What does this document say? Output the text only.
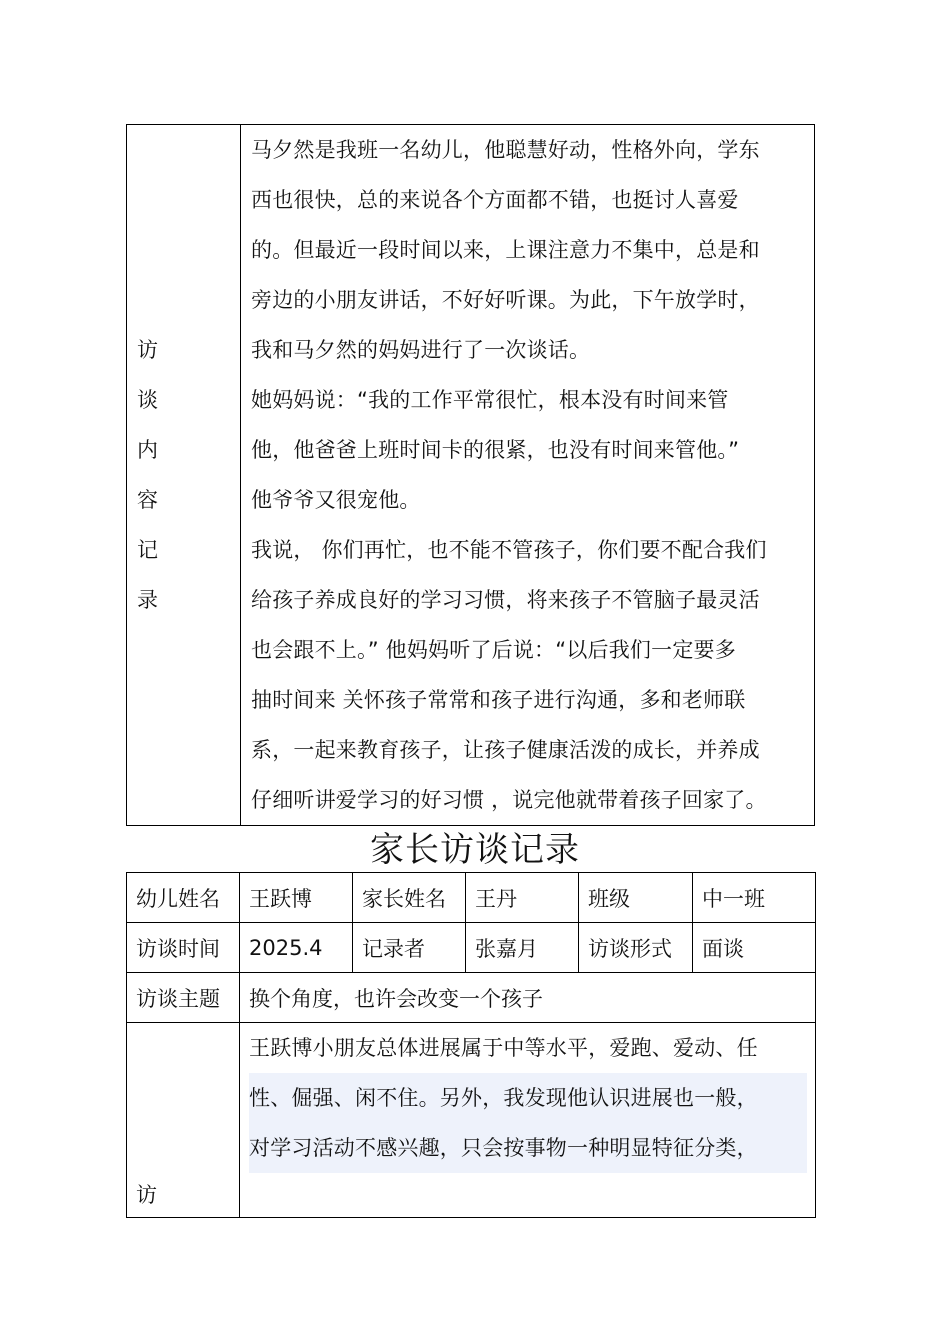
访
谈
内
容
记
录

马夕然是我班一名幼儿，他聪慧好动，性格外向，学东

西也很快，总的来说各个方面都不错，也挺讨人喜爱

的。但最近一段时间以来，上课注意力不集中，总是和

旁边的小朋友讲话，不好好听课。为此，下午放学时，

我和马夕然的妈妈进行了一次谈话。

她妈妈说：“我的工作平常很忙，根本没有时间来管

他，他爸爸上班时间卡的很紧，也没有时间来管他。”

他爷爷又很宠他。

我说， 你们再忙，也不能不管孩子，你们要不配合我们

给孩子养成良好的学习习惯，将来孩子不管脑子最灵活

也会跟不上。” 他妈妈听了后说：“以后我们一定要多

抽时间来 关怀孩子常常和孩子进行沟通，多和老师联

系，一起来教育孩子，让孩子健康活泼的成长，并养成

仔细听讲爱学习的好习惯 ，说完他就带着孩子回家了。

家长访谈记录
幼儿姓名	王跃博	家长姓名	王丹	班级	中一班
访谈时间	2025.4	记录者	张嘉月	访谈形式	面谈
访谈主题	换个角度，也许会改变一个孩子				
访	王跃博小朋友总体进展属于中等水平，爱跑、爱动、任

性、倔强、闲不住。另外，我发现他认识进展也一般，

对学习活动不感兴趣，只会按事物一种明显特征分类，				
